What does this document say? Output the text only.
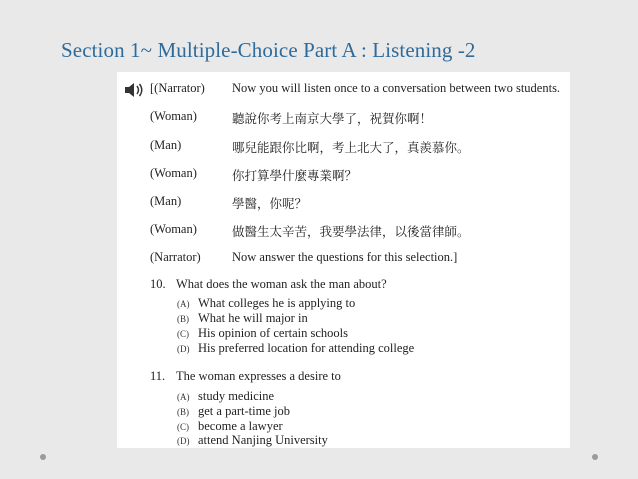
Section 1~ Multiple-Choice Part A : Listening -2
[(Narrator) Now you will listen once to a conversation between two students.
(Woman)	聽說你考上南京大學了，祝賀你啊！
(Man)	哪兒能跟你比啊，考上北大了，真羨慕你。
(Woman)	你打算學什麼專業啊？
(Man)	學醫，你呢？
(Woman)	做醫生太辛苦，我要學法律，以後當律師。
(Narrator)	Now answer the questions for this selection.]
10. What does the woman ask the man about?
(A) What colleges he is applying to
(B) What he will major in
(C) His opinion of certain schools
(D) His preferred location for attending college
11. The woman expresses a desire to
(A) study medicine
(B) get a part-time job
(C) become a lawyer
(D) attend Nanjing University
